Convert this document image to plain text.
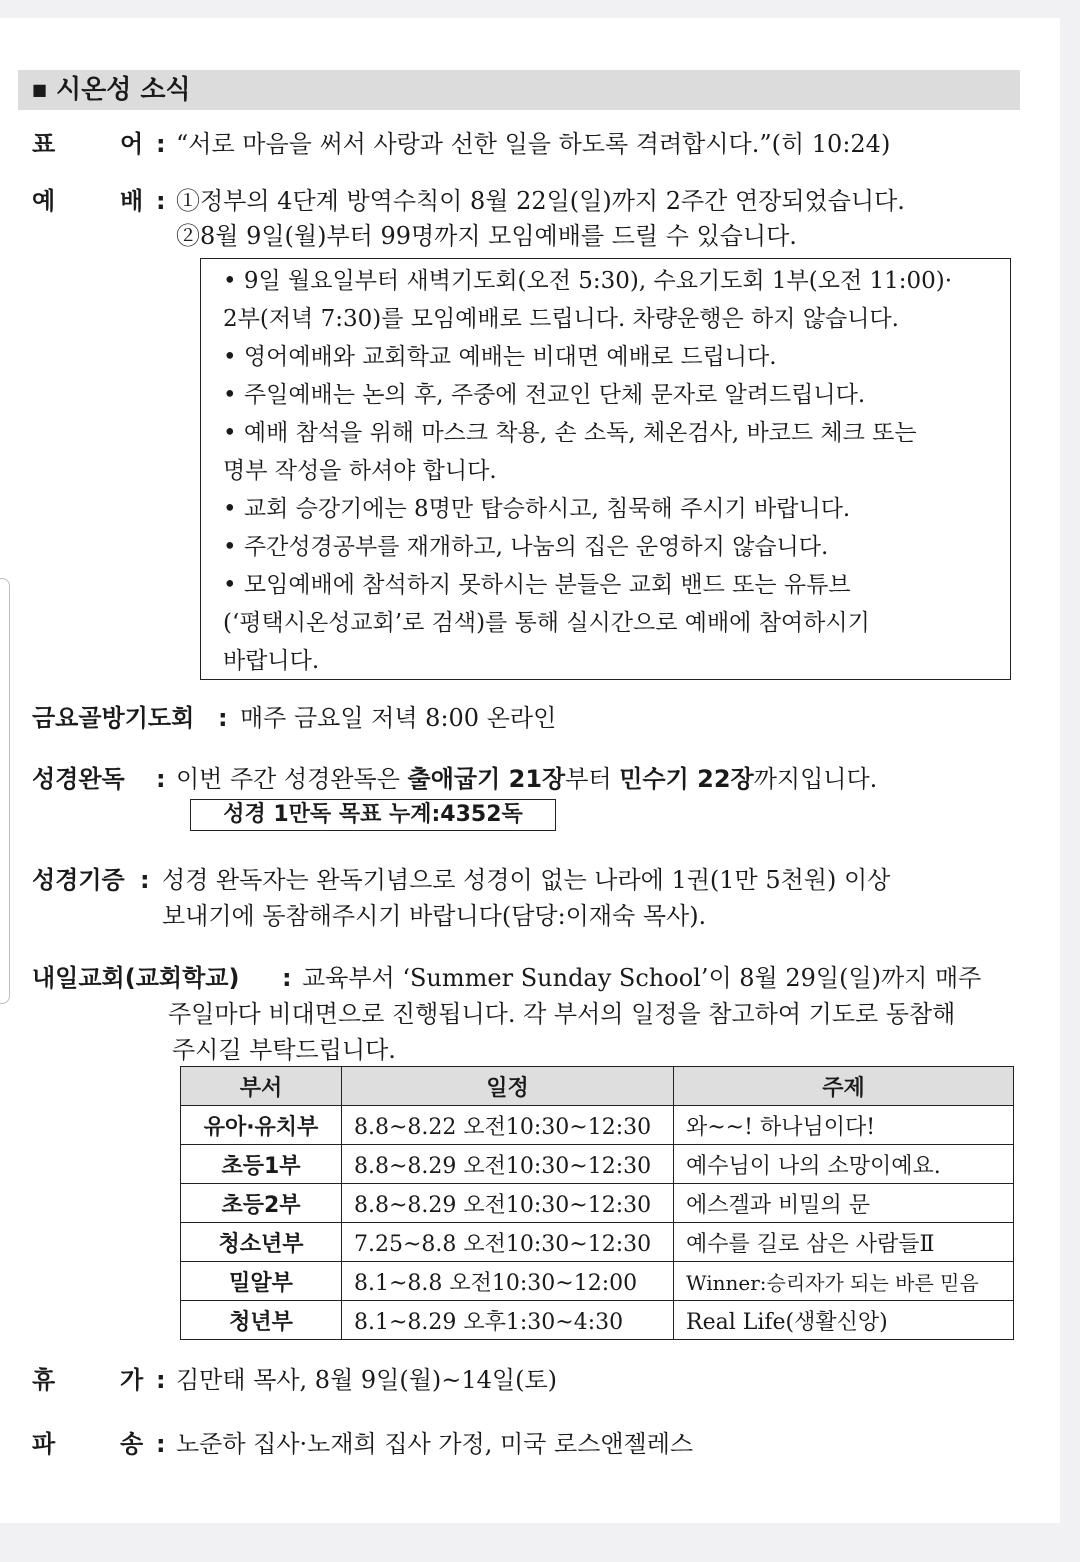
■ 시온성 소식
표	어 : “서로 마음을 써서 사랑과 선한 일을 하도록 격려합시다.”(히 10:24)
예	배 : ①정부의 4단계 방역수칙이 8월 22일(일)까지 2주간 연장되었습니다.
②8월 9일(월)부터 99명까지 모임예배를 드릴 수 있습니다.
• 9일 월요일부터 새벽기도회(오전 5:30), 수요기도회 1부(오전 11:00)·
2부(저녁 7:30)를 모임예배로 드립니다. 차량운행은 하지 않습니다.
• 영어예배와 교회학교 예배는 비대면 예배로 드립니다.
• 주일예배는 논의 후, 주중에 전교인 단체 문자로 알려드립니다.
• 예배 참석을 위해 마스크 착용, 손 소독, 체온검사, 바코드 체크 또는
명부 작성을 하셔야 합니다.
• 교회 승강기에는 8명만 탑승하시고, 침묵해 주시기 바랍니다.
• 주간성경공부를 재개하고, 나눔의 집은 운영하지 않습니다.
• 모임예배에 참석하지 못하시는 분들은 교회 밴드 또는 유튜브
(‘평택시온성교회’로 검색)를 통해 실시간으로 예배에 참여하시기
바랍니다.
금요골방기도회 : 매주 금요일 저녁 8:00 온라인
성경완독 : 이번 주간 성경완독은 출애굽기 21장부터 민수기 22장까지입니다.
성경 1만독 목표 누계:4352독
성경기증 : 성경 완독자는 완독기념으로 성경이 없는 나라에 1권(1만 5천원) 이상
보내기에 동참해주시기 바랍니다(담당:이재숙 목사).
내일교회(교회학교) : 교육부서 ‘Summer Sunday School’이 8월 29일(일)까지 매주
주일마다 비대면으로 진행됩니다. 각 부서의 일정을 참고하여 기도로 동참해
주시길 부탁드립니다.
부서	일정	주제
유아·유치부	8.8~8.22 오전10:30~12:30	와~~! 하나님이다!
초등1부	8.8~8.29 오전10:30~12:30	예수님이 나의 소망이예요.
초등2부	8.8~8.29 오전10:30~12:30	에스겔과 비밀의 문
청소년부	7.25~8.8 오전10:30~12:30	예수를 길로 삼은 사람들Ⅱ
밀알부	8.1~8.8 오전10:30~12:00	Winner:승리자가 되는 바른 믿음
청년부	8.1~8.29 오후1:30~4:30	Real Life(생활신앙)
휴	가 : 김만태 목사, 8월 9일(월)~14일(토)
파	송 : 노준하 집사·노재희 집사 가정, 미국 로스앤젤레스
